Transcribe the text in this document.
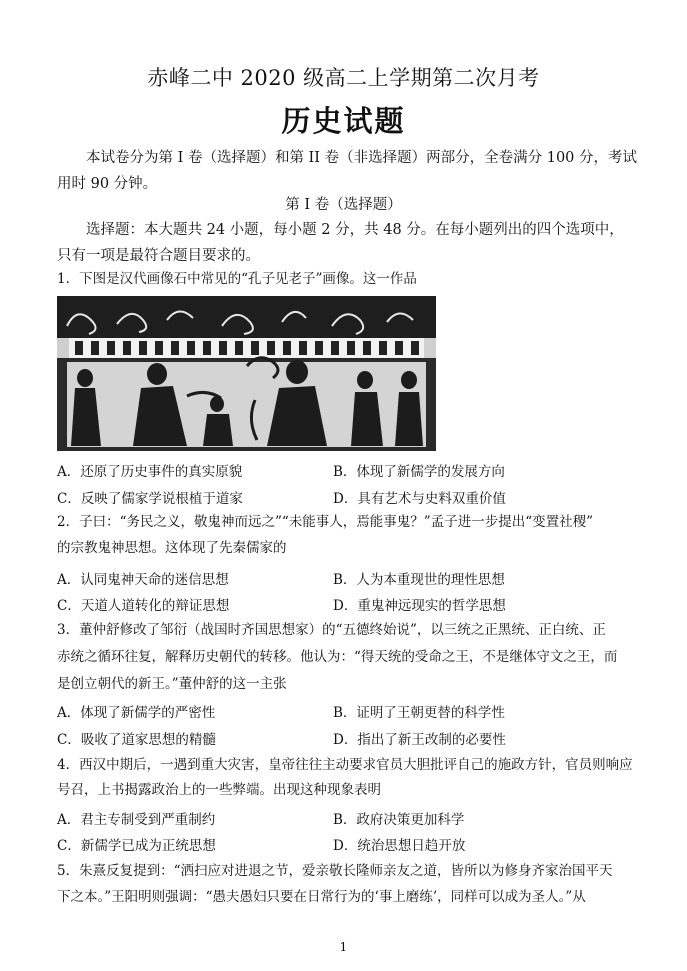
赤峰二中 2020 级高二上学期第二次月考
历史试题
本试卷分为第 I 卷（选择题）和第 II 卷（非选择题）两部分，全卷满分 100 分，考试用时 90 分钟。
第 I 卷（选择题）
选择题：本大题共 24 小题，每小题 2 分，共 48 分。在每小题列出的四个选项中，只有一项是最符合题目要求的。
1．下图是汉代画像石中常见的“孔子见老子”画像。这一作品
A．还原了历史事件的真实原貌	B．体现了新儒学的发展方向
C．反映了儒家学说根植于道家	D．具有艺术与史料双重价值
2．子曰：“务民之义，敬鬼神而远之”“未能事人，焉能事鬼？”孟子进一步提出“变置社稷”
的宗教鬼神思想。这体现了先秦儒家的
A．认同鬼神天命的迷信思想	B．人为本重现世的理性思想
C．天道人道转化的辩证思想	D．重鬼神远现实的哲学思想
3．董仲舒修改了邹衍（战国时齐国思想家）的“五德终始说”，以三统之正黑统、正白统、正
赤统之循环往复，解释历史朝代的转移。他认为：“得天统的受命之王，不是继体守文之王，而
是创立朝代的新王。”董仲舒的这一主张
A．体现了新儒学的严密性	B．证明了王朝更替的科学性
C．吸收了道家思想的精髓	D．指出了新王改制的必要性
4．西汉中期后，一遇到重大灾害，皇帝往往主动要求官员大胆批评自己的施政方针，官员则响应
号召，上书揭露政治上的一些弊端。出现这种现象表明
A．君主专制受到严重制约	B．政府决策更加科学
C．新儒学已成为正统思想	D．统治思想日趋开放
5．朱熹反复提到：“洒扫应对进退之节，爱亲敬长隆师亲友之道，皆所以为修身齐家治国平天
下之本。”王阳明则强调：“愚夫愚妇只要在日常行为的‘事上磨练’，同样可以成为圣人。”从
1
